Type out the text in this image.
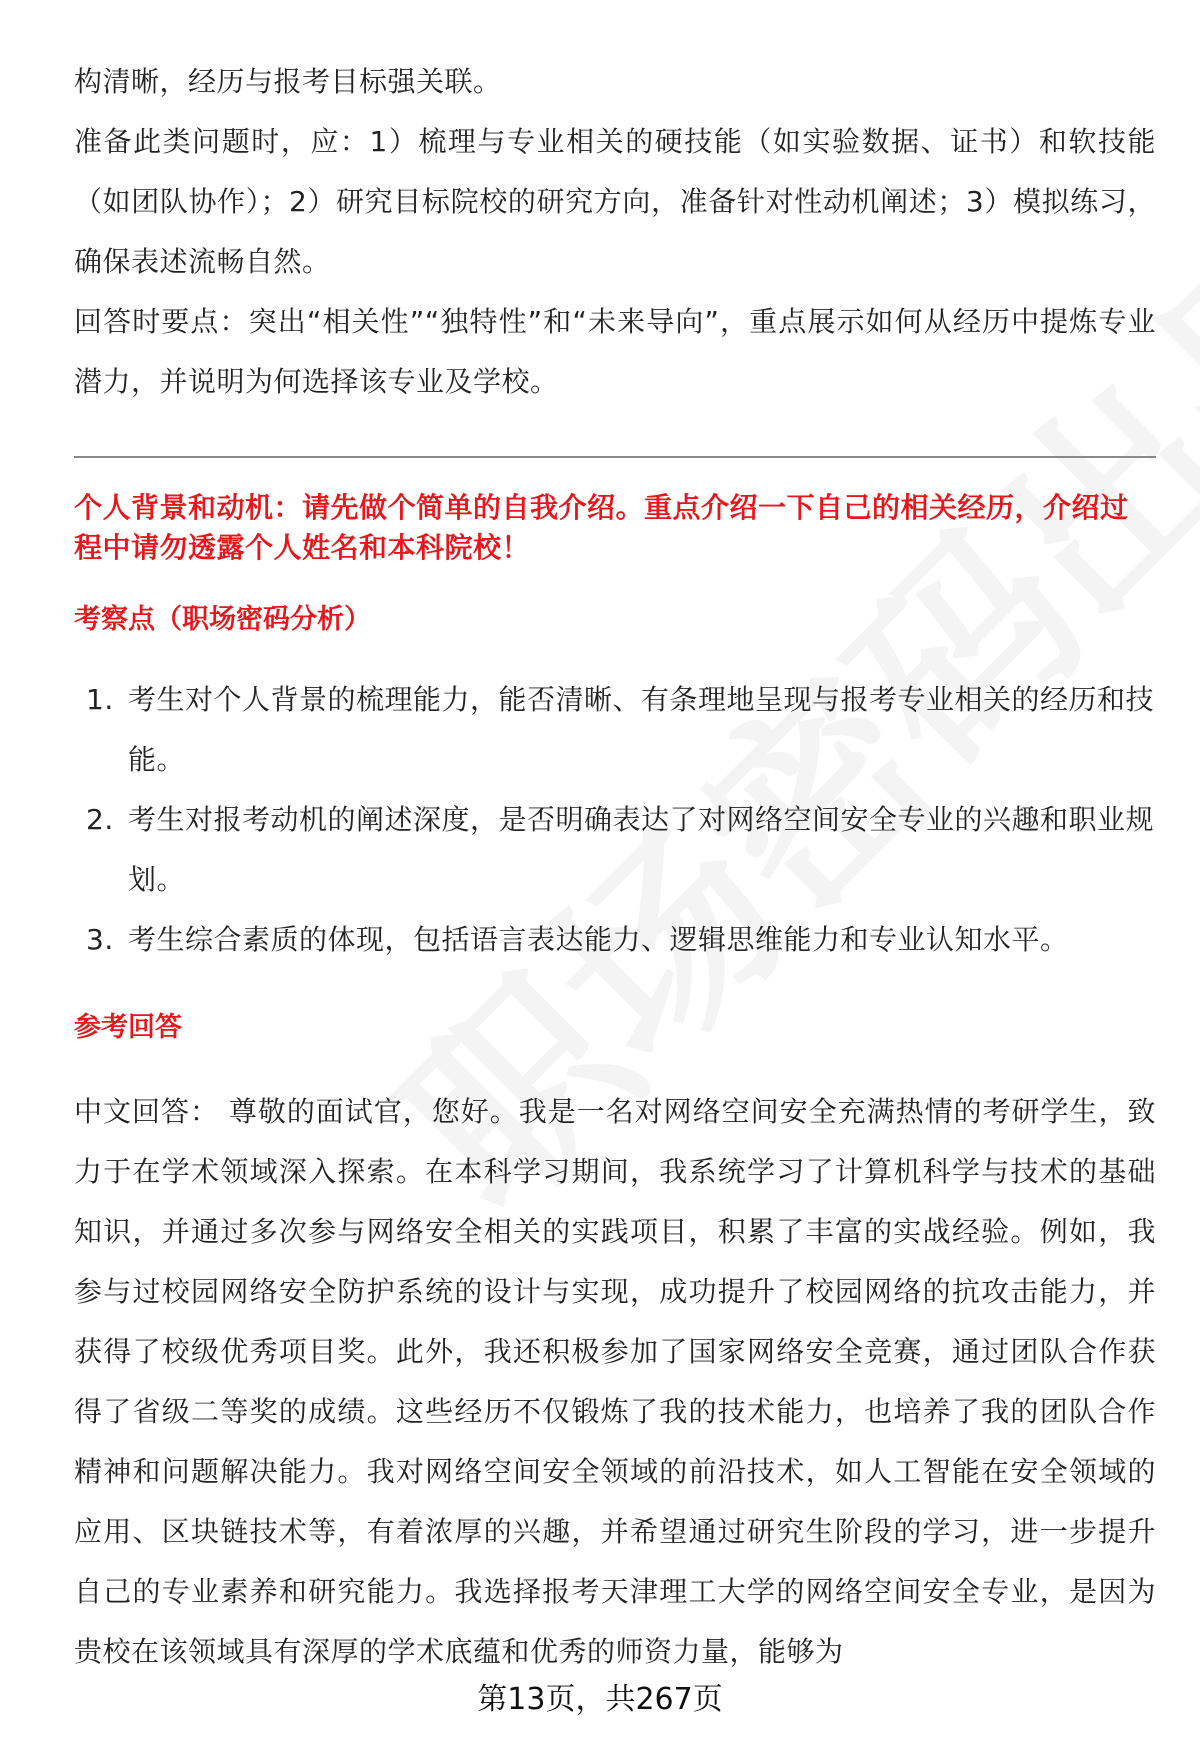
构清晰，经历与报考目标强关联。

准备此类问题时，应：1）梳理与专业相关的硬技能（如实验数据、证书）和软技能（如团队协作）；2）研究目标院校的研究方向，准备针对性动机阐述；3）模拟练习，确保表述流畅自然。

回答时要点：突出“相关性”“独特性”和“未来导向”，重点展示如何从经历中提炼专业潜力，并说明为何选择该专业及学校。

个人背景和动机：请先做个简单的自我介绍。重点介绍一下自己的相关经历，介绍过程中请勿透露个人姓名和本科院校！

考察点（职场密码分析）

1. 考生对个人背景的梳理能力，能否清晰、有条理地呈现与报考专业相关的经历和技能。
2. 考生对报考动机的阐述深度，是否明确表达了对网络空间安全专业的兴趣和职业规划。
3. 考生综合素质的体现，包括语言表达能力、逻辑思维能力和专业认知水平。

参考回答

中文回答： 尊敬的面试官，您好。我是一名对网络空间安全充满热情的考研学生，致力于在学术领域深入探索。在本科学习期间，我系统学习了计算机科学与技术的基础知识，并通过多次参与网络安全相关的实践项目，积累了丰富的实战经验。例如，我参与过校园网络安全防护系统的设计与实现，成功提升了校园网络的抗攻击能力，并获得了校级优秀项目奖。此外，我还积极参加了国家网络安全竞赛，通过团队合作获得了省级二等奖的成绩。这些经历不仅锻炼了我的技术能力，也培养了我的团队合作精神和问题解决能力。我对网络空间安全领域的前沿技术，如人工智能在安全领域的应用、区块链技术等，有着浓厚的兴趣，并希望通过研究生阶段的学习，进一步提升自己的专业素养和研究能力。我选择报考天津理工大学的网络空间安全专业，是因为贵校在该领域具有深厚的学术底蕴和优秀的师资力量，能够为

第13页，共267页
